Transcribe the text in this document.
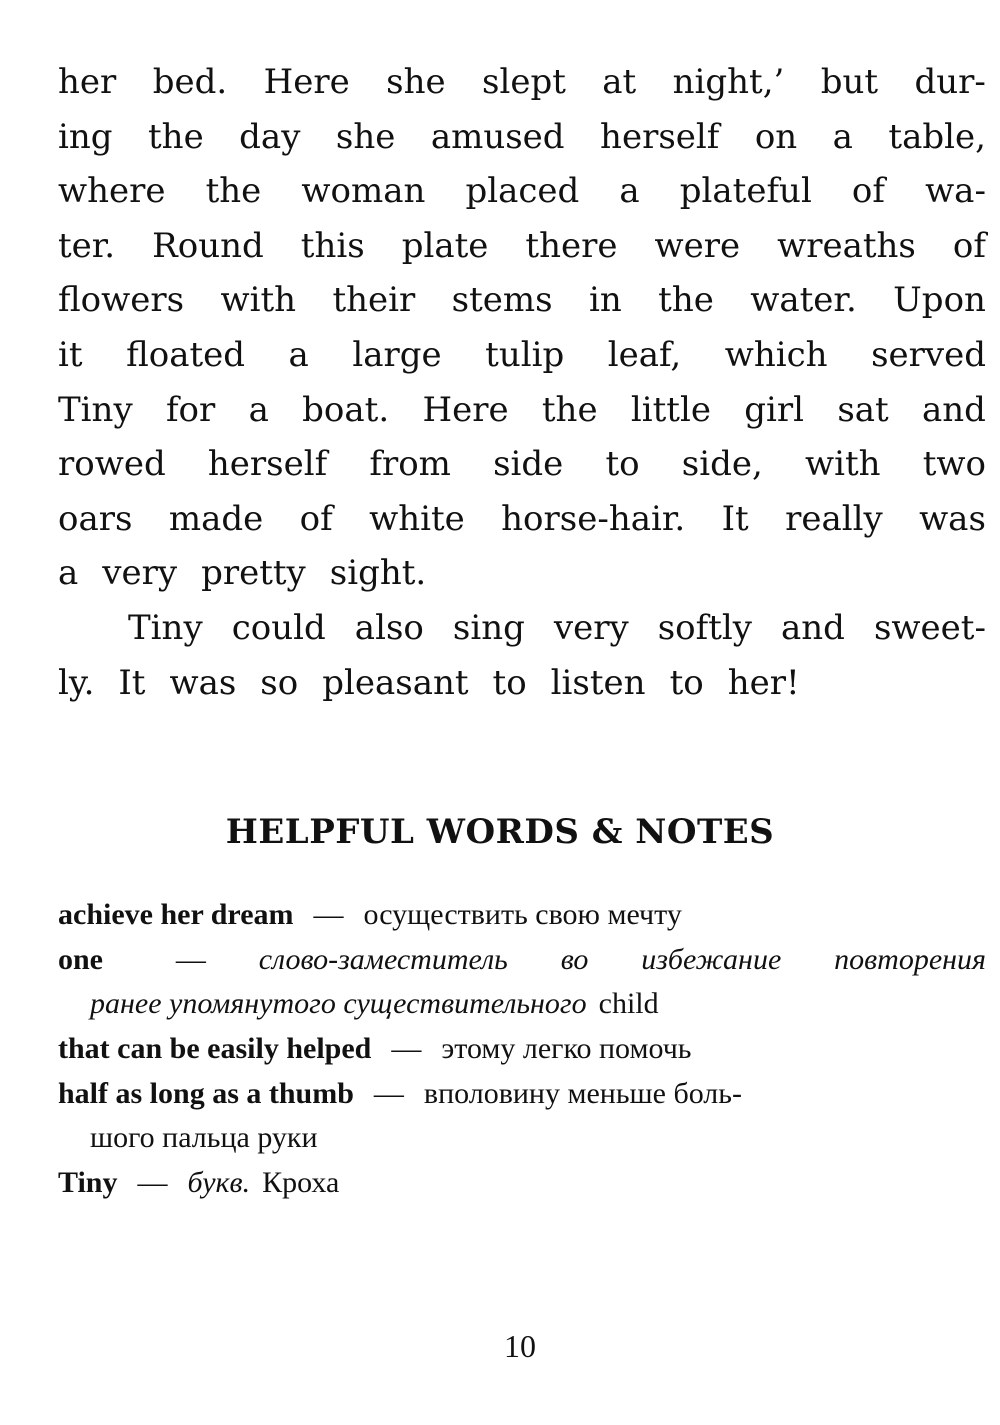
her bed. Here she slept at night,’ but dur-
ing the day she amused herself on a table,
where the woman placed a plateful of wa-
ter. Round this plate there were wreaths of
flowers with their stems in the water. Upon
it floated a large tulip leaf, which served
Tiny for a boat. Here the little girl sat and
rowed herself from side to side, with two
oars made of white horse-hair. It really was
a very pretty sight.
Tiny could also sing very softly and sweet-
ly. It was so pleasant to listen to her!
HELPFUL WORDS & NOTES
achieve her dream — осуществить свою мечту
one — слово-заместитель во избежание повторения
ранее упомянутого существительного child
that can be easily helped — этому легко помочь
half as long as a thumb — вполовину меньше боль-
шого пальца руки
Tiny — букв. Кроха
10
